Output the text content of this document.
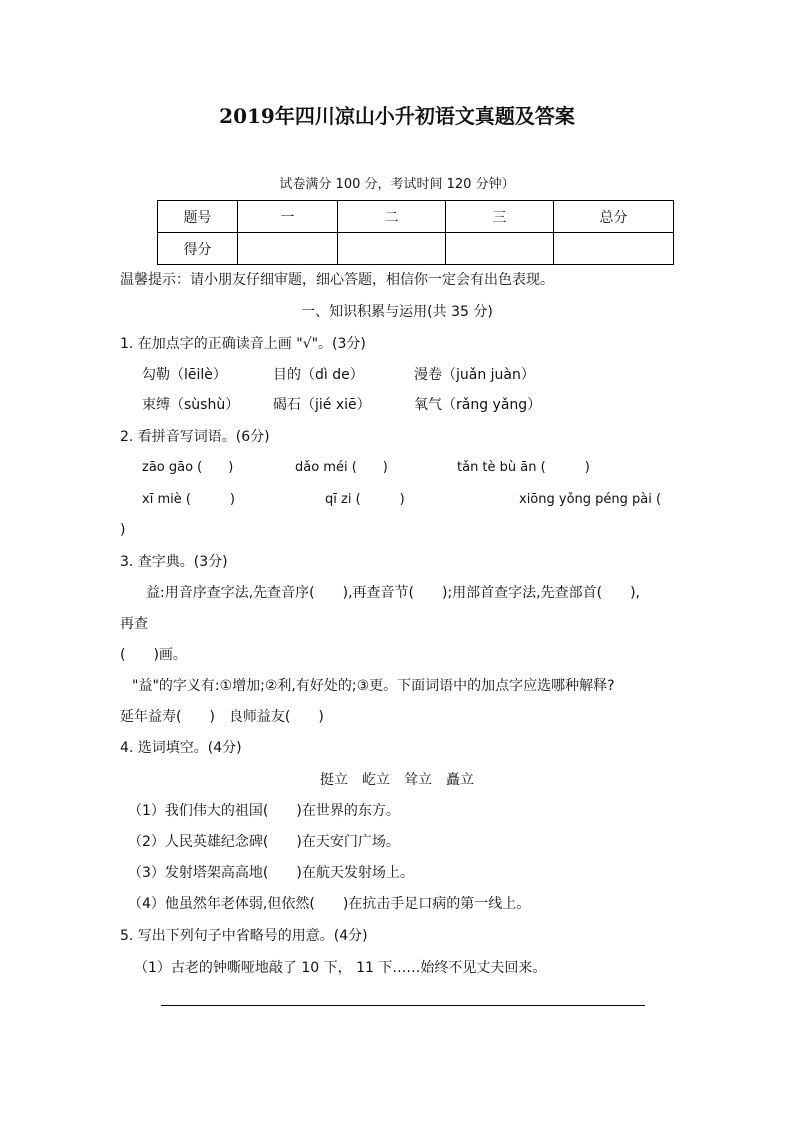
2019年四川凉山小升初语文真题及答案
试卷满分 100 分，考试时间 120 分钟）
题号	一	二	三	总分
得分				
温馨提示：请小朋友仔细审题，细心答题，相信你一定会有出色表现。
一、知识积累与运用(共 35 分)
1. 在加点字的正确读音上画 "√"。(3分)
勾勒（lēilè）	目的（dì de）	漫卷（juǎn juàn）
束缚（sùshù） 碣石（jié xiē）	氧气（rǎng yǎng）
2. 看拼音写词语。(6分)
zāo gāo (　　)	dǎo méi (　　)	tǎn tè bù ān (　　　)
xī miè (　　　)	qī zi (　　　)	xiōng yǒng péng pài (
)
3. 查字典。(3分)
益:用音序查字法,先查音序(　　),再查音节(　　);用部首查字法,先查部首(　　),
再查
(　　)画。
"益"的字义有:①增加;②利,有好处的;③更。下面词语中的加点字应选哪种解释?
延年益寿(　　)　良师益友(　　)
4. 选词填空。(4分)
挺立　屹立　耸立　矗立
（1）我们伟大的祖国(　　)在世界的东方。
（2）人民英雄纪念碑(　　)在天安门广场。
（3）发射塔架高高地(　　)在航天发射场上。
（4）他虽然年老体弱,但依然(　　)在抗击手足口病的第一线上。
5. 写出下列句子中省略号的用意。(4分)
（1）古老的钟嘶哑地敲了 10 下， 11 下……始终不见丈夫回来。
